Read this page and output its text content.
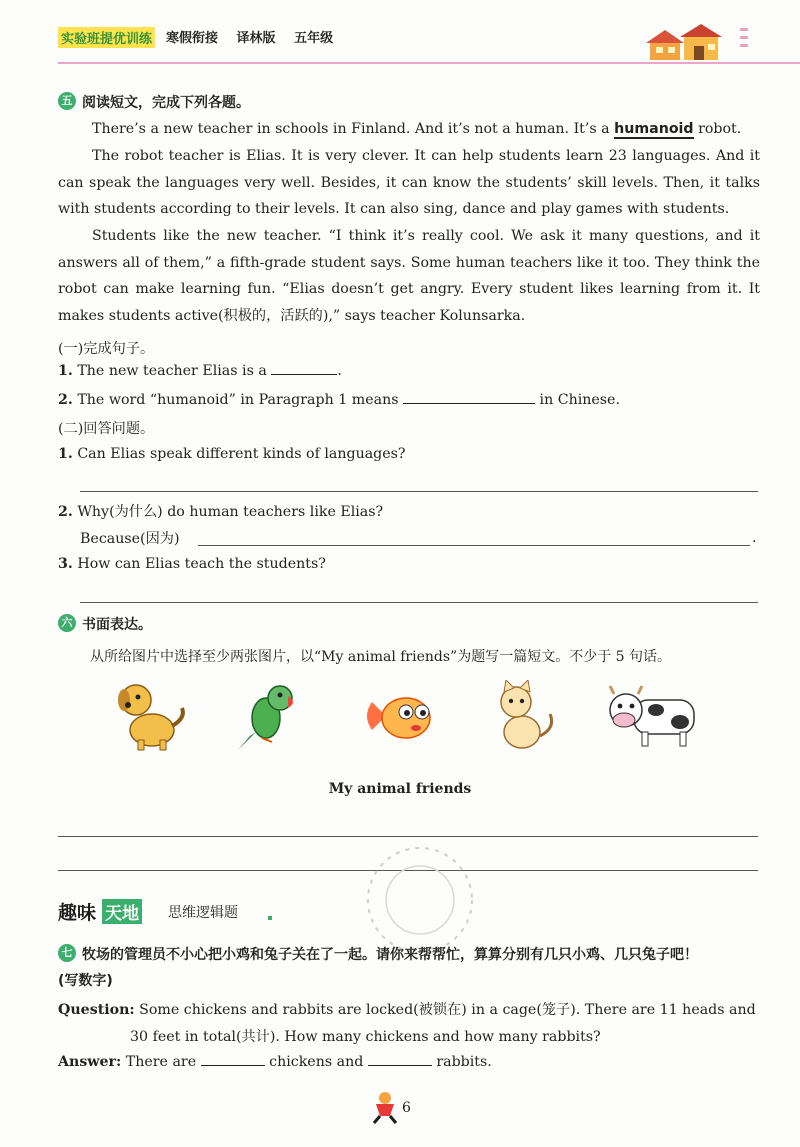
实验班提优训练 寒假衔接 译林版 五年级
五 阅读短文，完成下列各题。
There’s a new teacher in schools in Finland. And it’s not a human. It’s a humanoid robot.
The robot teacher is Elias. It is very clever. It can help students learn 23 languages. And it can speak the languages very well. Besides, it can know the students’ skill levels. Then, it talks with students according to their levels. It can also sing, dance and play games with students.
Students like the new teacher. “I think it’s really cool. We ask it many questions, and it answers all of them,” a fifth-grade student says. Some human teachers like it too. They think the robot can make learning fun. “Elias doesn’t get angry. Every student likes learning from it. It makes students active(积极的，活跃的),” says teacher Kolunsarka.
(一)完成句子。
1. The new teacher Elias is a	.
2. The word “humanoid” in Paragraph 1 means	in Chinese.
(二)回答问题。
1. Can Elias speak different kinds of languages?
2. Why(为什么) do human teachers like Elias?
Because(因为)	.
3. How can Elias teach the students?
六 书面表达。
从所给图片中选择至少两张图片，以“My animal friends”为题写一篇短文。不少于 5 句话。
My animal friends
趣味 天地 思维逻辑题
七 牧场的管理员不小心把小鸡和兔子关在了一起。请你来帮帮忙，算算分别有几只小鸡、几只兔子吧！
(写数字)
Question: Some chickens and rabbits are locked(被锁在) in a cage(笼子). There are 11 heads and
30 feet in total(共计). How many chickens and how many rabbits?
Answer: There are	chickens and	rabbits.
6
